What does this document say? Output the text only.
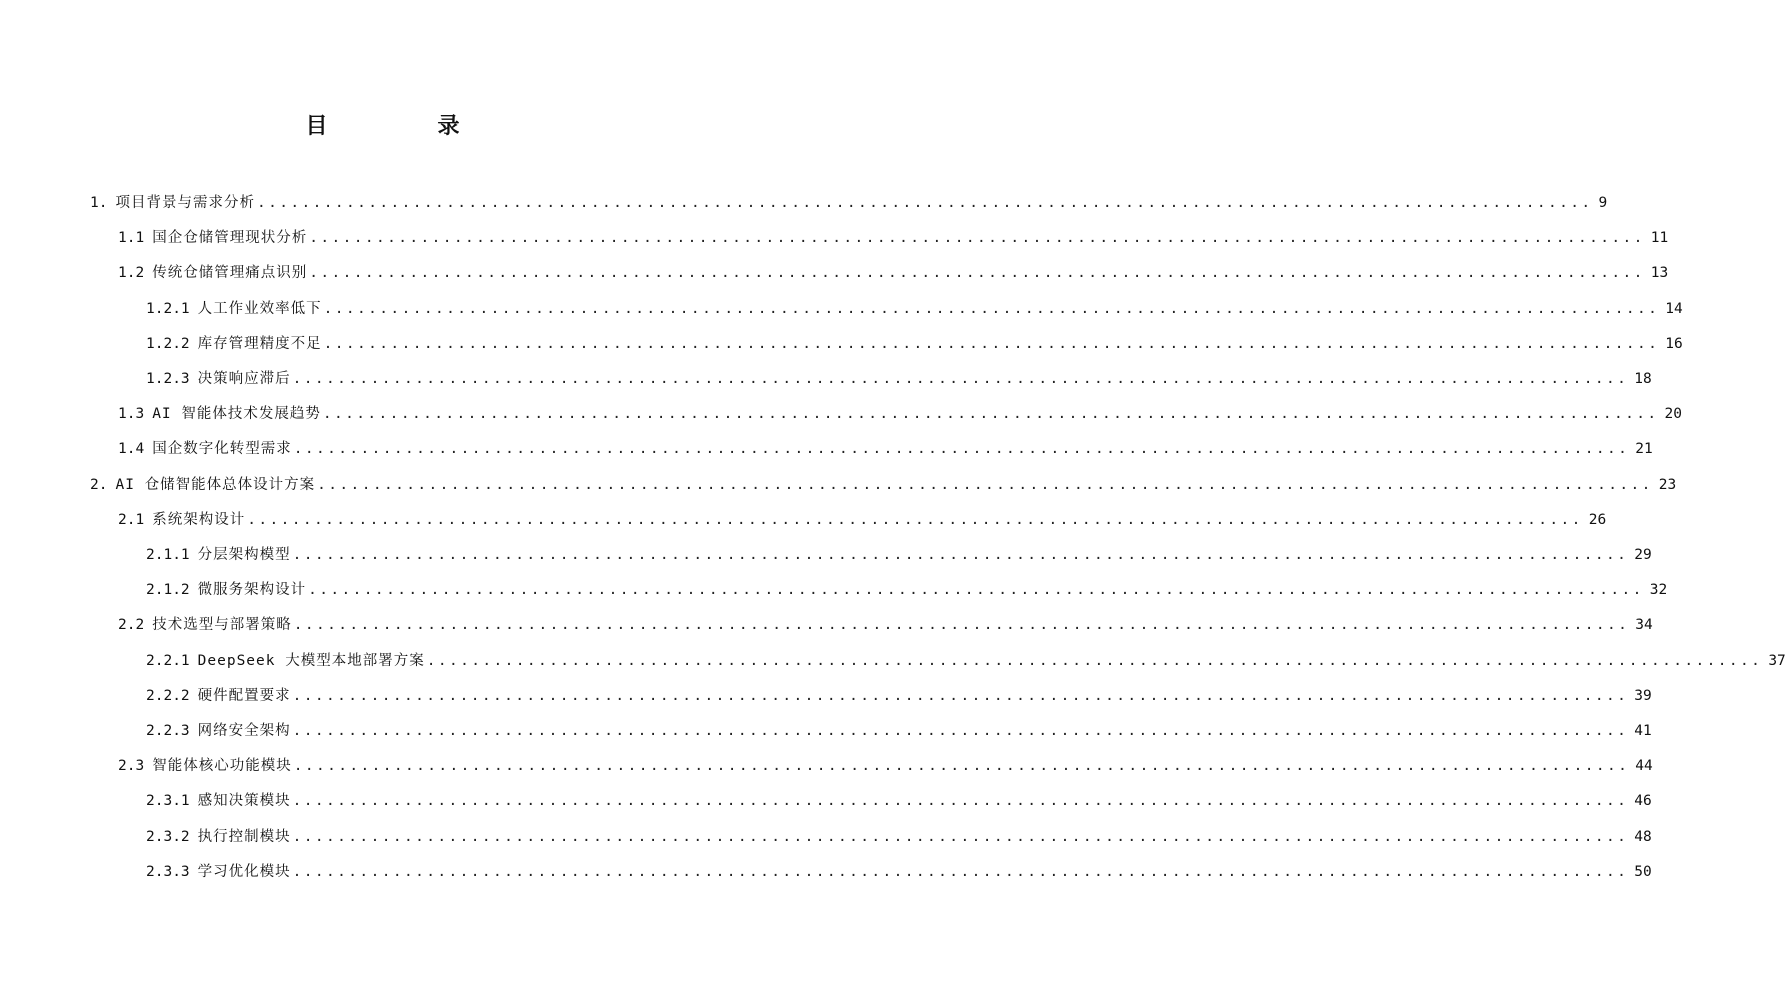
目　录
1. 项目背景与需求分析 ........................................................................................................................ 9
1.1 国企仓储管理现状分析 ........................................................................................................................ 11
1.2 传统仓储管理痛点识别 ........................................................................................................................ 13
1.2.1 人工作业效率低下 ........................................................................................................................ 14
1.2.2 库存管理精度不足 ........................................................................................................................ 16
1.2.3 决策响应滞后 ........................................................................................................................ 18
1.3 AI 智能体技术发展趋势 ........................................................................................................................ 20
1.4 国企数字化转型需求 ........................................................................................................................ 21
2. AI 仓储智能体总体设计方案 ........................................................................................................................ 23
2.1 系统架构设计 ........................................................................................................................ 26
2.1.1 分层架构模型 ........................................................................................................................ 29
2.1.2 微服务架构设计 ........................................................................................................................ 32
2.2 技术选型与部署策略 ........................................................................................................................ 34
2.2.1 DeepSeek 大模型本地部署方案 ........................................................................................................................ 37
2.2.2 硬件配置要求 ........................................................................................................................ 39
2.2.3 网络安全架构 ........................................................................................................................ 41
2.3 智能体核心功能模块 ........................................................................................................................ 44
2.3.1 感知决策模块 ........................................................................................................................ 46
2.3.2 执行控制模块 ........................................................................................................................ 48
2.3.3 学习优化模块 ........................................................................................................................ 50
